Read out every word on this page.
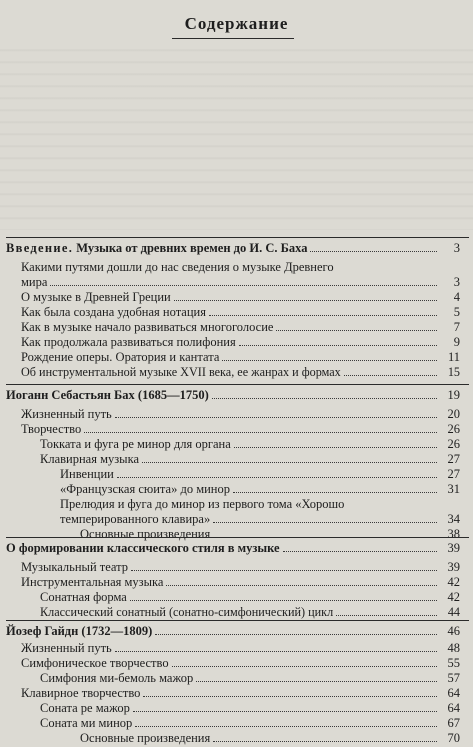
Содержание
Введение. Музыка от древних времен до И. С. Баха	3
Какими путями дошли до нас сведения о музыке Древнего
мира	3
О музыке в Древней Греции	4
Как была создана удобная нотация	5
Как в музыке начало развиваться многоголосие	7
Как продолжала развиваться полифония	9
Рождение оперы. Оратория и кантата	11
Об инструментальной музыке XVII века, ее жанрах и формах	15
Иоганн Себастьян Бах (1685—1750)	19
Жизненный путь	20
Творчество	26
Токката и фуга ре минор для органа	26
Клавирная музыка	27
Инвенции	27
«Французская сюита» до минор	31
Прелюдия и фуга до минор из первого тома «Хорошо
темперированного клавира»	34
Основные произведения	38
О формировании классического стиля в музыке	39
Музыкальный театр	39
Инструментальная музыка	42
Сонатная форма	42
Классический сонатный (сонатно-симфонический) цикл	44
Йозеф Гайдн (1732—1809)	46
Жизненный путь	48
Симфоническое творчество	55
Симфония ми-бемоль мажор	57
Клавирное творчество	64
Соната ре мажор	64
Соната ми минор	67
Основные произведения	70
